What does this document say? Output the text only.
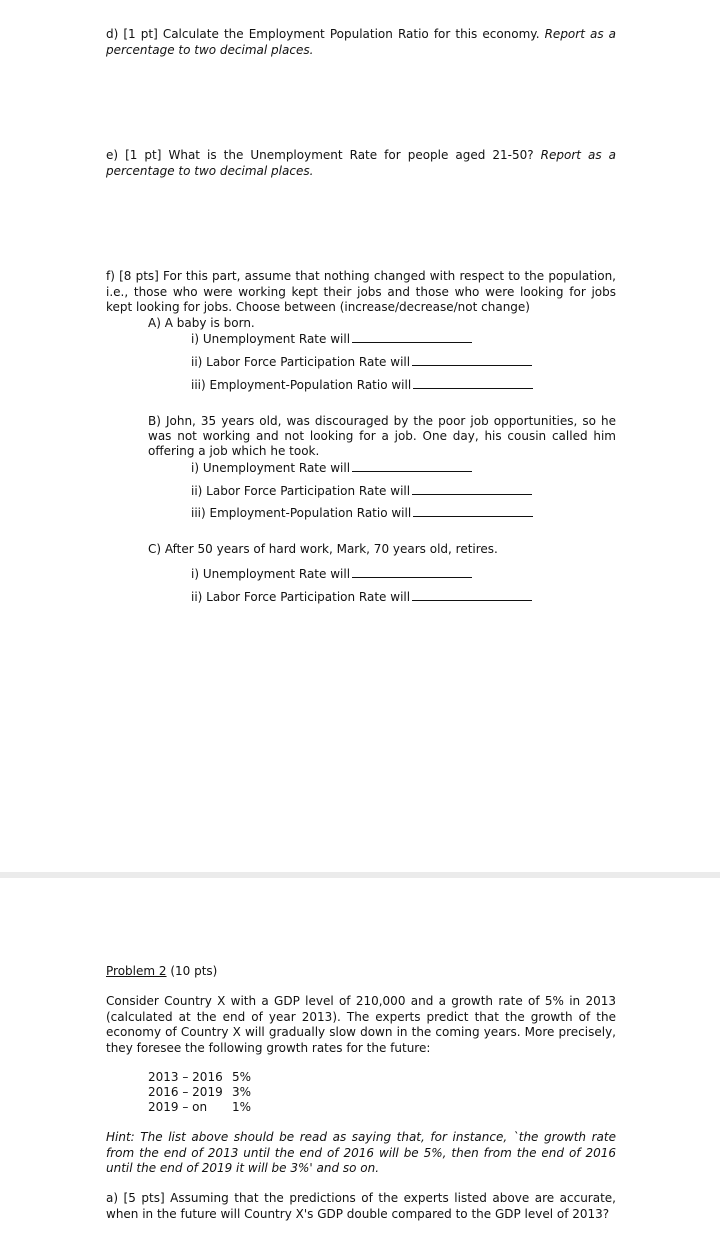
d) [1 pt] Calculate the Employment Population Ratio for this economy. Report as a percentage to two decimal places.

e) [1 pt] What is the Unemployment Rate for people aged 21-50? Report as a percentage to two decimal places.

f) [8 pts] For this part, assume that nothing changed with respect to the population, i.e., those who were working kept their jobs and those who were looking for jobs kept looking for jobs. Choose between (increase/decrease/not change)

A) A baby is born.

i) Unemployment Rate will
ii) Labor Force Participation Rate will
iii) Employment-Population Ratio will

B) John, 35 years old, was discouraged by the poor job opportunities, so he was not working and not looking for a job. One day, his cousin called him offering a job which he took.

i) Unemployment Rate will
ii) Labor Force Participation Rate will
iii) Employment-Population Ratio will

C) After 50 years of hard work, Mark, 70 years old, retires.

i) Unemployment Rate will
ii) Labor Force Participation Rate will

Problem 2 (10 pts)

Consider Country X with a GDP level of 210,000 and a growth rate of 5% in 2013 (calculated at the end of year 2013). The experts predict that the growth of the economy of Country X will gradually slow down in the coming years. More precisely, they foresee the following growth rates for the future:

2013 – 2016 5%
2016 – 2019 3%
2019 – on 1%

Hint: The list above should be read as saying that, for instance, `the growth rate from the end of 2013 until the end of 2016 will be 5%, then from the end of 2016 until the end of 2019 it will be 3%' and so on.

a) [5 pts] Assuming that the predictions of the experts listed above are accurate, when in the future will Country X's GDP double compared to the GDP level of 2013?
